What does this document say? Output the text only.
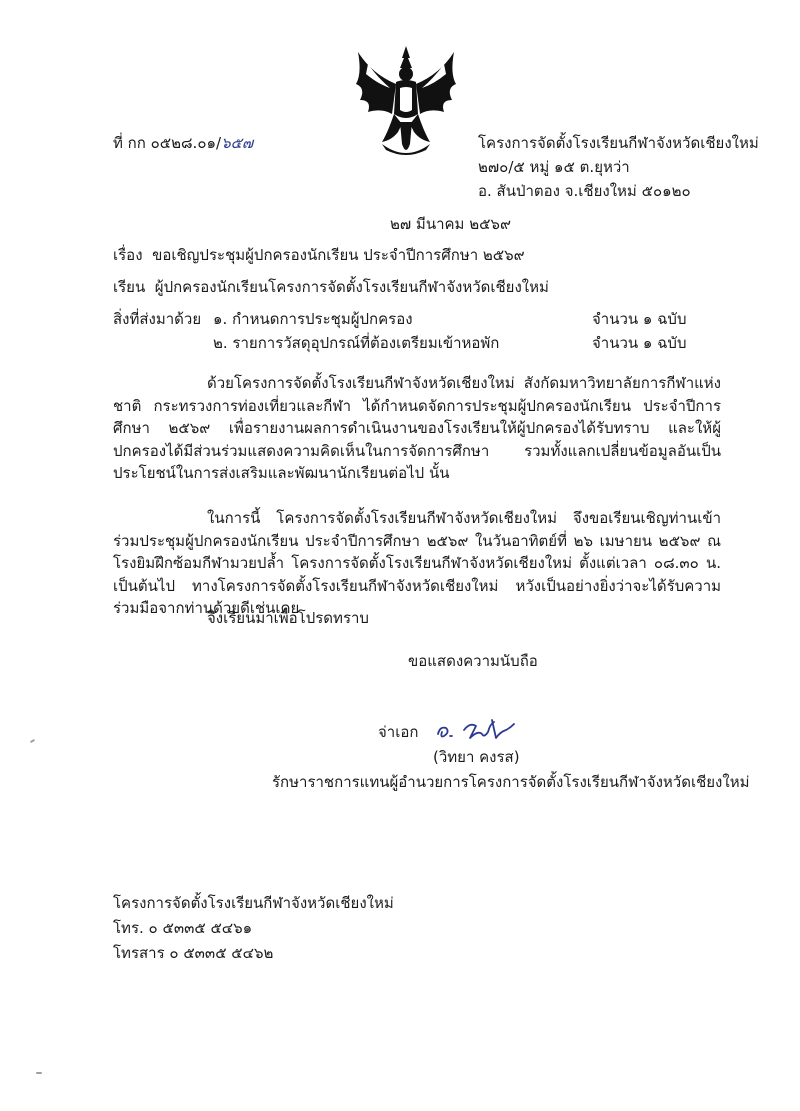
ที่ กก ๐๕๒๘.๐๑/๖๕๗	โครงการจัดตั้งโรงเรียนกีฬาจังหวัดเชียงใหม่
๒๗๐/๕ หมู่ ๑๕ ต.ยุหว่า
อ. สันป่าตอง จ.เชียงใหม่ ๕๐๑๒๐
๒๗ มีนาคม ๒๕๖๙
เรื่อง ขอเชิญประชุมผู้ปกครองนักเรียน ประจำปีการศึกษา ๒๕๖๙
เรียน ผู้ปกครองนักเรียนโครงการจัดตั้งโรงเรียนกีฬาจังหวัดเชียงใหม่
สิ่งที่ส่งมาด้วย ๑. กำหนดการประชุมผู้ปกครอง	จำนวน ๑ ฉบับ
๒. รายการวัสดุอุปกรณ์ที่ต้องเตรียมเข้าหอพัก	จำนวน ๑ ฉบับ
ด้วยโครงการจัดตั้งโรงเรียนกีฬาจังหวัดเชียงใหม่ สังกัดมหาวิทยาลัยการกีฬาแห่งชาติ กระทรวงการท่องเที่ยวและกีฬา ได้กำหนดจัดการประชุมผู้ปกครองนักเรียน ประจำปีการศึกษา ๒๕๖๙ เพื่อรายงานผลการดำเนินงานของโรงเรียนให้ผู้ปกครองได้รับทราบ และให้ผู้ปกครองได้มีส่วนร่วมแสดงความคิดเห็นในการจัดการศึกษา รวมทั้งแลกเปลี่ยนข้อมูลอันเป็นประโยชน์ในการส่งเสริมและพัฒนานักเรียนต่อไป นั้น
ในการนี้ โครงการจัดตั้งโรงเรียนกีฬาจังหวัดเชียงใหม่ จึงขอเรียนเชิญท่านเข้าร่วมประชุมผู้ปกครองนักเรียน ประจำปีการศึกษา ๒๕๖๙ ในวันอาทิตย์ที่ ๒๖ เมษายน ๒๕๖๙ ณ โรงยิมฝึกซ้อมกีฬามวยปล้ำ โครงการจัดตั้งโรงเรียนกีฬาจังหวัดเชียงใหม่ ตั้งแต่เวลา ๐๘.๓๐ น. เป็นต้นไป ทางโครงการจัดตั้งโรงเรียนกีฬาจังหวัดเชียงใหม่ หวังเป็นอย่างยิ่งว่าจะได้รับความร่วมมือจากท่านด้วยดีเช่นเคย
จึงเรียนมาเพื่อโปรดทราบ
ขอแสดงความนับถือ
จ่าเอก
(วิทยา คงรส)
รักษาราชการแทนผู้อำนวยการโครงการจัดตั้งโรงเรียนกีฬาจังหวัดเชียงใหม่
โครงการจัดตั้งโรงเรียนกีฬาจังหวัดเชียงใหม่
โทร. ๐ ๕๓๓๕ ๕๔๖๑
โทรสาร ๐ ๕๓๓๕ ๕๔๖๒
